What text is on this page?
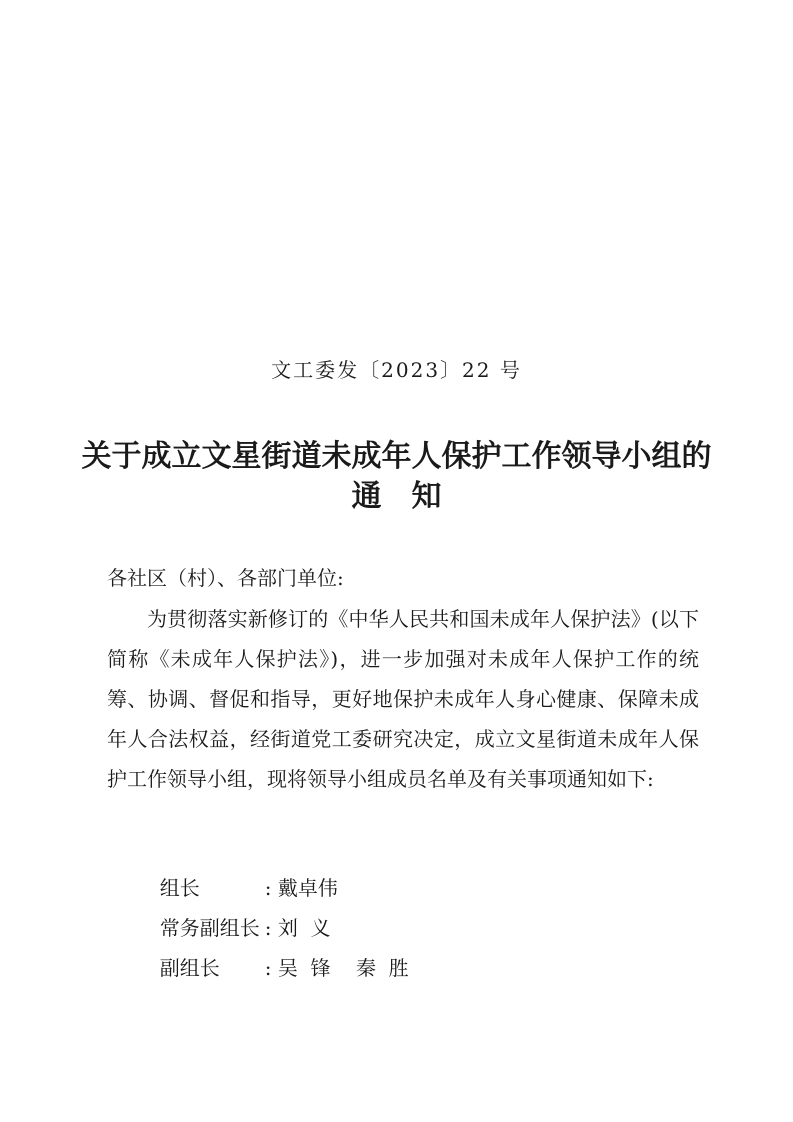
文工委发〔2023〕22 号
关于成立文星街道未成年人保护工作领导小组的
通知
各社区（村）、各部门单位:

为贯彻落实新修订的《中华人民共和国未成年人保护法》(以下简称《未成年人保护法》)，进一步加强对未成年人保护工作的统筹、协调、督促和指导，更好地保护未成年人身心健康、保障未成年人合法权益，经街道党工委研究决定，成立文星街道未成年人保护工作领导小组，现将领导小组成员名单及有关事项通知如下:

组长	: 戴卓伟

常务副组长 : 刘  义

副组长 : 吴  锋    秦  胜
